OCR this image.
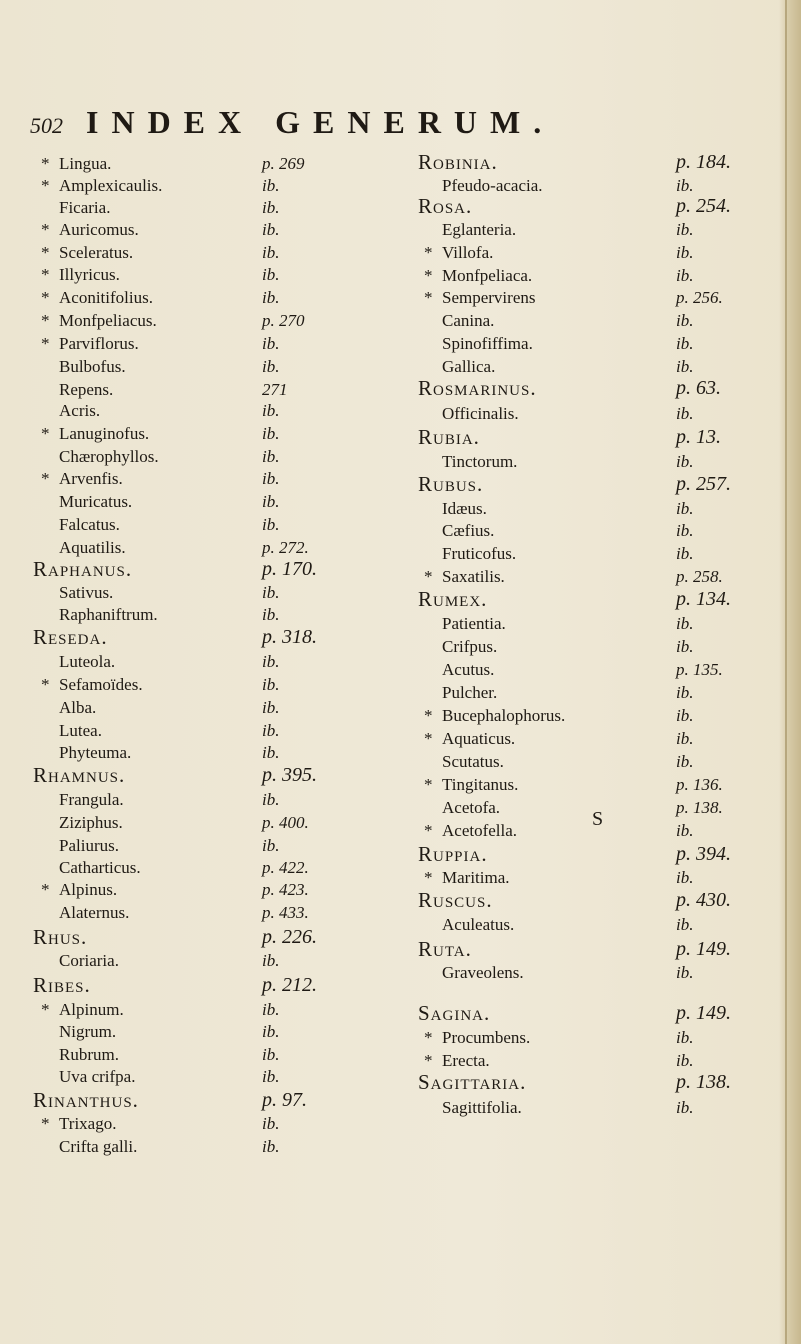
502 INDEX GENERUM.
* Lingua.	p. 269
* Amplexicaulis.	ib.
Ficaria.	ib.
* Auricomus.	ib.
* Sceleratus.	ib.
* Illyricus.	ib.
* Aconitifolius.	ib.
* Monfpeliacus.	p. 270
* Parviflorus.	ib.
Bulbofus.	ib.
Repens.	271
Acris.	ib.
* Lanuginofus.	ib.
Chærophyllos.	ib.
* Arvenfis.	ib.
Muricatus.	ib.
Falcatus.	ib.
Aquatilis.	p. 272.
Raphanus.	p. 170.
Sativus.	ib.
Raphaniftrum.	ib.
Reseda.	p. 318.
Luteola.	ib.
* Sefamoïdes.	ib.
Alba.	ib.
Lutea.	ib.
Phyteuma.	ib.
Rhamnus.	p. 395.
Frangula.	ib.
Ziziphus.	p. 400.
Paliurus.	ib.
Catharticus.	p. 422.
* Alpinus.	p. 423.
Alaternus.	p. 433.
Rhus.	p. 226.
Coriaria.	ib.
Ribes.	p. 212.
* Alpinum.	ib.
Nigrum.	ib.
Rubrum.	ib.
Uva crifpa.	ib.
Rinanthus.	p. 97.
* Trixago.	ib.
Crifta galli.	ib.
Robinia.	p. 184.
Pfeudo-acacia.	ib.
Rosa.	p. 254.
Eglanteria.	ib.
* Villofa.	ib.
* Monfpeliaca.	ib.
* Sempervirens	p. 256.
Canina.	ib.
Spinofiffima.	ib.
Gallica.	ib.
Rosmarinus.	p. 63.
Officinalis.	ib.
Rubia.	p. 13.
Tinctorum.	ib.
Rubus.	p. 257.
Idæus.	ib.
Cæfius.	ib.
Fruticofus.	ib.
* Saxatilis.	p. 258.
Rumex.	p. 134.
Patientia.	ib.
Crifpus.	ib.
Acutus.	p. 135.
Pulcher.	ib.
* Bucephalophorus.	ib.
* Aquaticus.	ib.
Scutatus.	ib.
* Tingitanus.	p. 136.
Acetofa.	p. 138.
* Acetofella.	ib.
Ruppia.	p. 394.
* Maritima.	ib.
Ruscus.	p. 430.
Aculeatus.	ib.
Ruta.	p. 149.
Graveolens.	ib.
Sagina.	p. 149.
* Procumbens.	ib.
* Erecta.	ib.
Sagittaria.	p. 138.
Sagittifolia.	ib.
S
